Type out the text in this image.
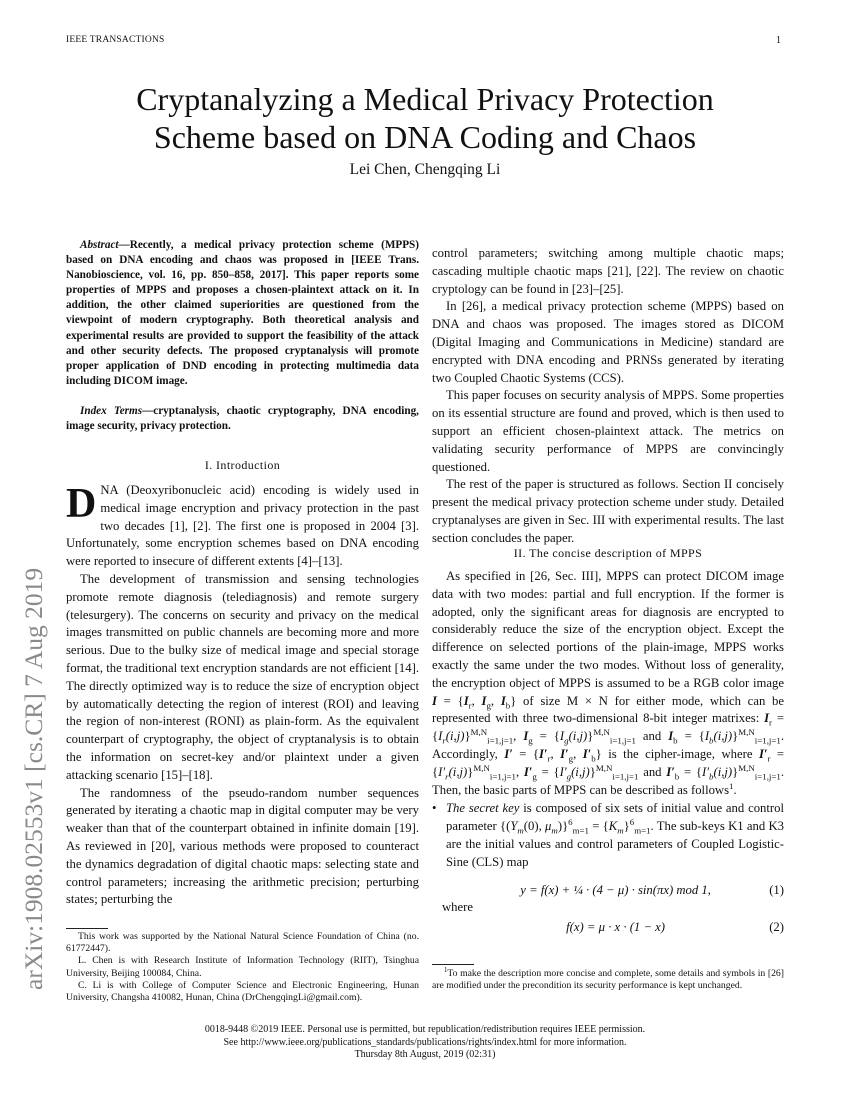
IEEE TRANSACTIONS	1
arXiv:1908.02553v1 [cs.CR] 7 Aug 2019
Cryptanalyzing a Medical Privacy Protection
Scheme based on DNA Coding and Chaos
Lei Chen, Chengqing Li

Abstract—Recently, a medical privacy protection scheme (MPPS) based on DNA encoding and chaos was proposed in [IEEE Trans. Nanobioscience, vol. 16, pp. 850–858, 2017]. This paper reports some properties of MPPS and proposes a chosen-plaintext attack on it. In addition, the other claimed superiorities are questioned from the viewpoint of modern cryptography. Both theoretical analysis and experimental results are provided to support the feasibility of the attack and other security defects. The proposed cryptanalysis will promote proper application of DND encoding in protecting multimedia data including DICOM image.

Index Terms—cryptanalysis, chaotic cryptography, DNA encoding, image security, privacy protection.

I. Introduction

DNA (Deoxyribonucleic acid) encoding is widely used in medical image encryption and privacy protection in the past two decades [1], [2]. The first one is proposed in 2004 [3]. Unfortunately, some encryption schemes based on DNA encoding were reported to insecure of different extents [4]–[13].

The development of transmission and sensing technologies promote remote diagnosis (telediagnosis) and remote surgery (telesurgery). The concerns on security and privacy on the medical images transmitted on public channels are becoming more and more serious. Due to the bulky size of medical image and special storage format, the traditional text encryption standards are not efficient [14]. The directly optimized way is to reduce the size of encryption object by automatically detecting the region of interest (ROI) and leaving the region of non-interest (RONI) as plain-form. As the equivalent counterpart of cryptography, the object of cryptanalysis is to obtain the information on secret-key and/or plaintext under a given attacking scenario [15]–[18].

The randomness of the pseudo-random number sequences generated by iterating a chaotic map in digital computer may be very weaker than that of the counterpart obtained in infinite domain [19]. As reviewed in [20], various methods were proposed to counteract the dynamics degradation of digital chaotic maps: selecting state and control parameters; increasing the arithmetic precision; perturbing states; perturbing the

This work was supported by the National Natural Science Foundation of China (no. 61772447).

L. Chen is with Research Institute of Information Technology (RIIT), Tsinghua University, Beijing 100084, China.

C. Li is with College of Computer Science and Electronic Engineering, Hunan University, Changsha 410082, Hunan, China (DrChengqingLi@gmail.com).

control parameters; switching among multiple chaotic maps; cascading multiple chaotic maps [21], [22]. The review on chaotic cryptology can be found in [23]–[25].

In [26], a medical privacy protection scheme (MPPS) based on DNA and chaos was proposed. The images stored as DICOM (Digital Imaging and Communications in Medicine) standard are encrypted with DNA encoding and PRNSs generated by iterating two Coupled Chaotic Systems (CCS).

This paper focuses on security analysis of MPPS. Some properties on its essential structure are found and proved, which is then used to support an efficient chosen-plaintext attack. The metrics on validating security performance of MPPS are convincingly questioned.

The rest of the paper is structured as follows. Section II concisely present the medical privacy protection scheme under study. Detailed cryptanalyses are given in Sec. III with experimental results. The last section concludes the paper.

II. The concise description of MPPS

As specified in [26, Sec. III], MPPS can protect DICOM image data with two modes: partial and full encryption. If the former is adopted, only the significant areas for diagnosis are encrypted to considerably reduce the size of the encryption object. Except the difference on selected portions of the plain-image, MPPS works exactly the same under the two modes. Without loss of generality, the encryption object of MPPS is assumed to be a RGB color image $I = \{I_r$, $I_g$, $I_b$} of size M × N for either mode, which can be represented with three two-dimensional 8-bit integer matrixes: $I_r = \{I_r(i,j)\}^{M,N}_{i=1,j=1}$, $I_g = \{I_g(i,j)\}^{M,N}_{i=1,j=1}$ and $I_b = \{I_b(i,j)\}^{M,N}_{i=1,j=1}$. Accordingly, $I' = \{I'_r$, $I'_g$, $I'_b$} is the cipher-image, where $I'_r = \{I'_r(i,j)\}^{M,N}_{i=1,j=1}$, $I'_g = \{I'_g(i,j)\}^{M,N}_{i=1,j=1}$ and $I'_b = \{I'_b(i,j)\}^{M,N}_{i=1,j=1}$. Then, the basic parts of MPPS can be described as follows$^1$.

• The secret key is composed of six sets of initial value and control parameter {($Y_m(0)$, $\mu_m)\}^6_{m=1} = \{K_m\}^6_{m=1}$. The sub-keys K1 and K3 are the initial values and control parameters of Coupled Logistic-Sine (CLS) map
y = f(x) + ¼ · (4 − μ) · sin(πx) mod 1,	(1)
where
f(x) = μ · x · (1 − x)	(2)

$^1$To make the description more concise and complete, some details and symbols in [26] are modified under the precondition its security performance is kept unchanged.

0018-9448 ©2019 IEEE. Personal use is permitted, but republication/redistribution requires IEEE permission.
See http://www.ieee.org/publications_standards/publications/rights/index.html for more information.
Thursday 8th August, 2019 (02:31)
